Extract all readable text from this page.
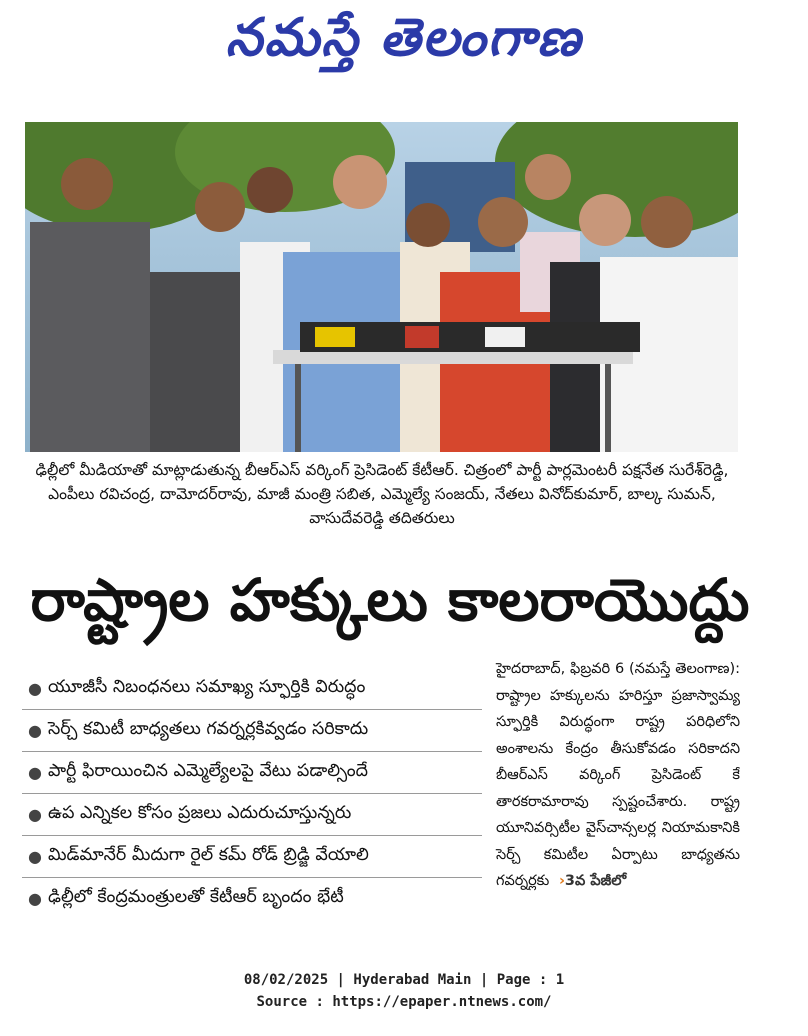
నమస్తే తెలంగాణ
ఢిల్లీలో మీడియాతో మాట్లాడుతున్న బీఆర్‌ఎస్‌ వర్కింగ్‌ ప్రెసిడెంట్‌ కేటీఆర్‌. చిత్రంలో పార్టీ పార్లమెంటరీ పక్షనేత సురేశ్‌రెడ్డి, ఎంపీలు రవిచంద్ర, దామోదర్‌రావు, మాజీ మంత్రి సబిత, ఎమ్మెల్యే సంజయ్‌, నేతలు వినోద్‌కుమార్‌, బాల్క సుమన్‌, వాసుదేవరెడ్డి తదితరులు
రాష్ట్రాల హక్కులు కాలరాయొద్దు
● యూజీసీ నిబంధనలు సమాఖ్య స్ఫూర్తికి విరుద్ధం
● సెర్చ్‌ కమిటీ బాధ్యతలు గవర్నర్లకివ్వడం సరికాదు
● పార్టీ ఫిరాయించిన ఎమ్మెల్యేలపై వేటు పడాల్సిందే
● ఉప ఎన్నికల కోసం ప్రజలు ఎదురుచూస్తున్నరు
● మిడ్‌మానేర్‌ మీదుగా రైల్‌ కమ్‌ రోడ్‌ బ్రిడ్జి వేయాలి
● ఢిల్లీలో కేంద్రమంత్రులతో కేటీఆర్‌ బృందం భేటీ
హైదరాబాద్‌, ఫిబ్రవరి 6 (నమస్తే తెలంగాణ): రాష్ట్రాల హక్కులను హరిస్తూ ప్రజాస్వామ్య స్ఫూర్తికి విరుద్ధంగా రాష్ట్ర పరిధిలోని అంశాలను కేంద్రం తీసుకోవడం సరికాదని బీఆర్‌ఎస్‌ వర్కింగ్‌ ప్రెసిడెంట్‌ కే తారకరామారావు స్పష్టంచేశారు. రాష్ట్ర యూనివర్సిటీల వైస్‌చాన్సలర్ల నియామకానికి సెర్చ్‌ కమిటీల ఏర్పాటు బాధ్యతను గవర్నర్లకు  ›3వ పేజీలో
08/02/2025 | Hyderabad Main | Page : 1
Source : https://epaper.ntnews.com/
